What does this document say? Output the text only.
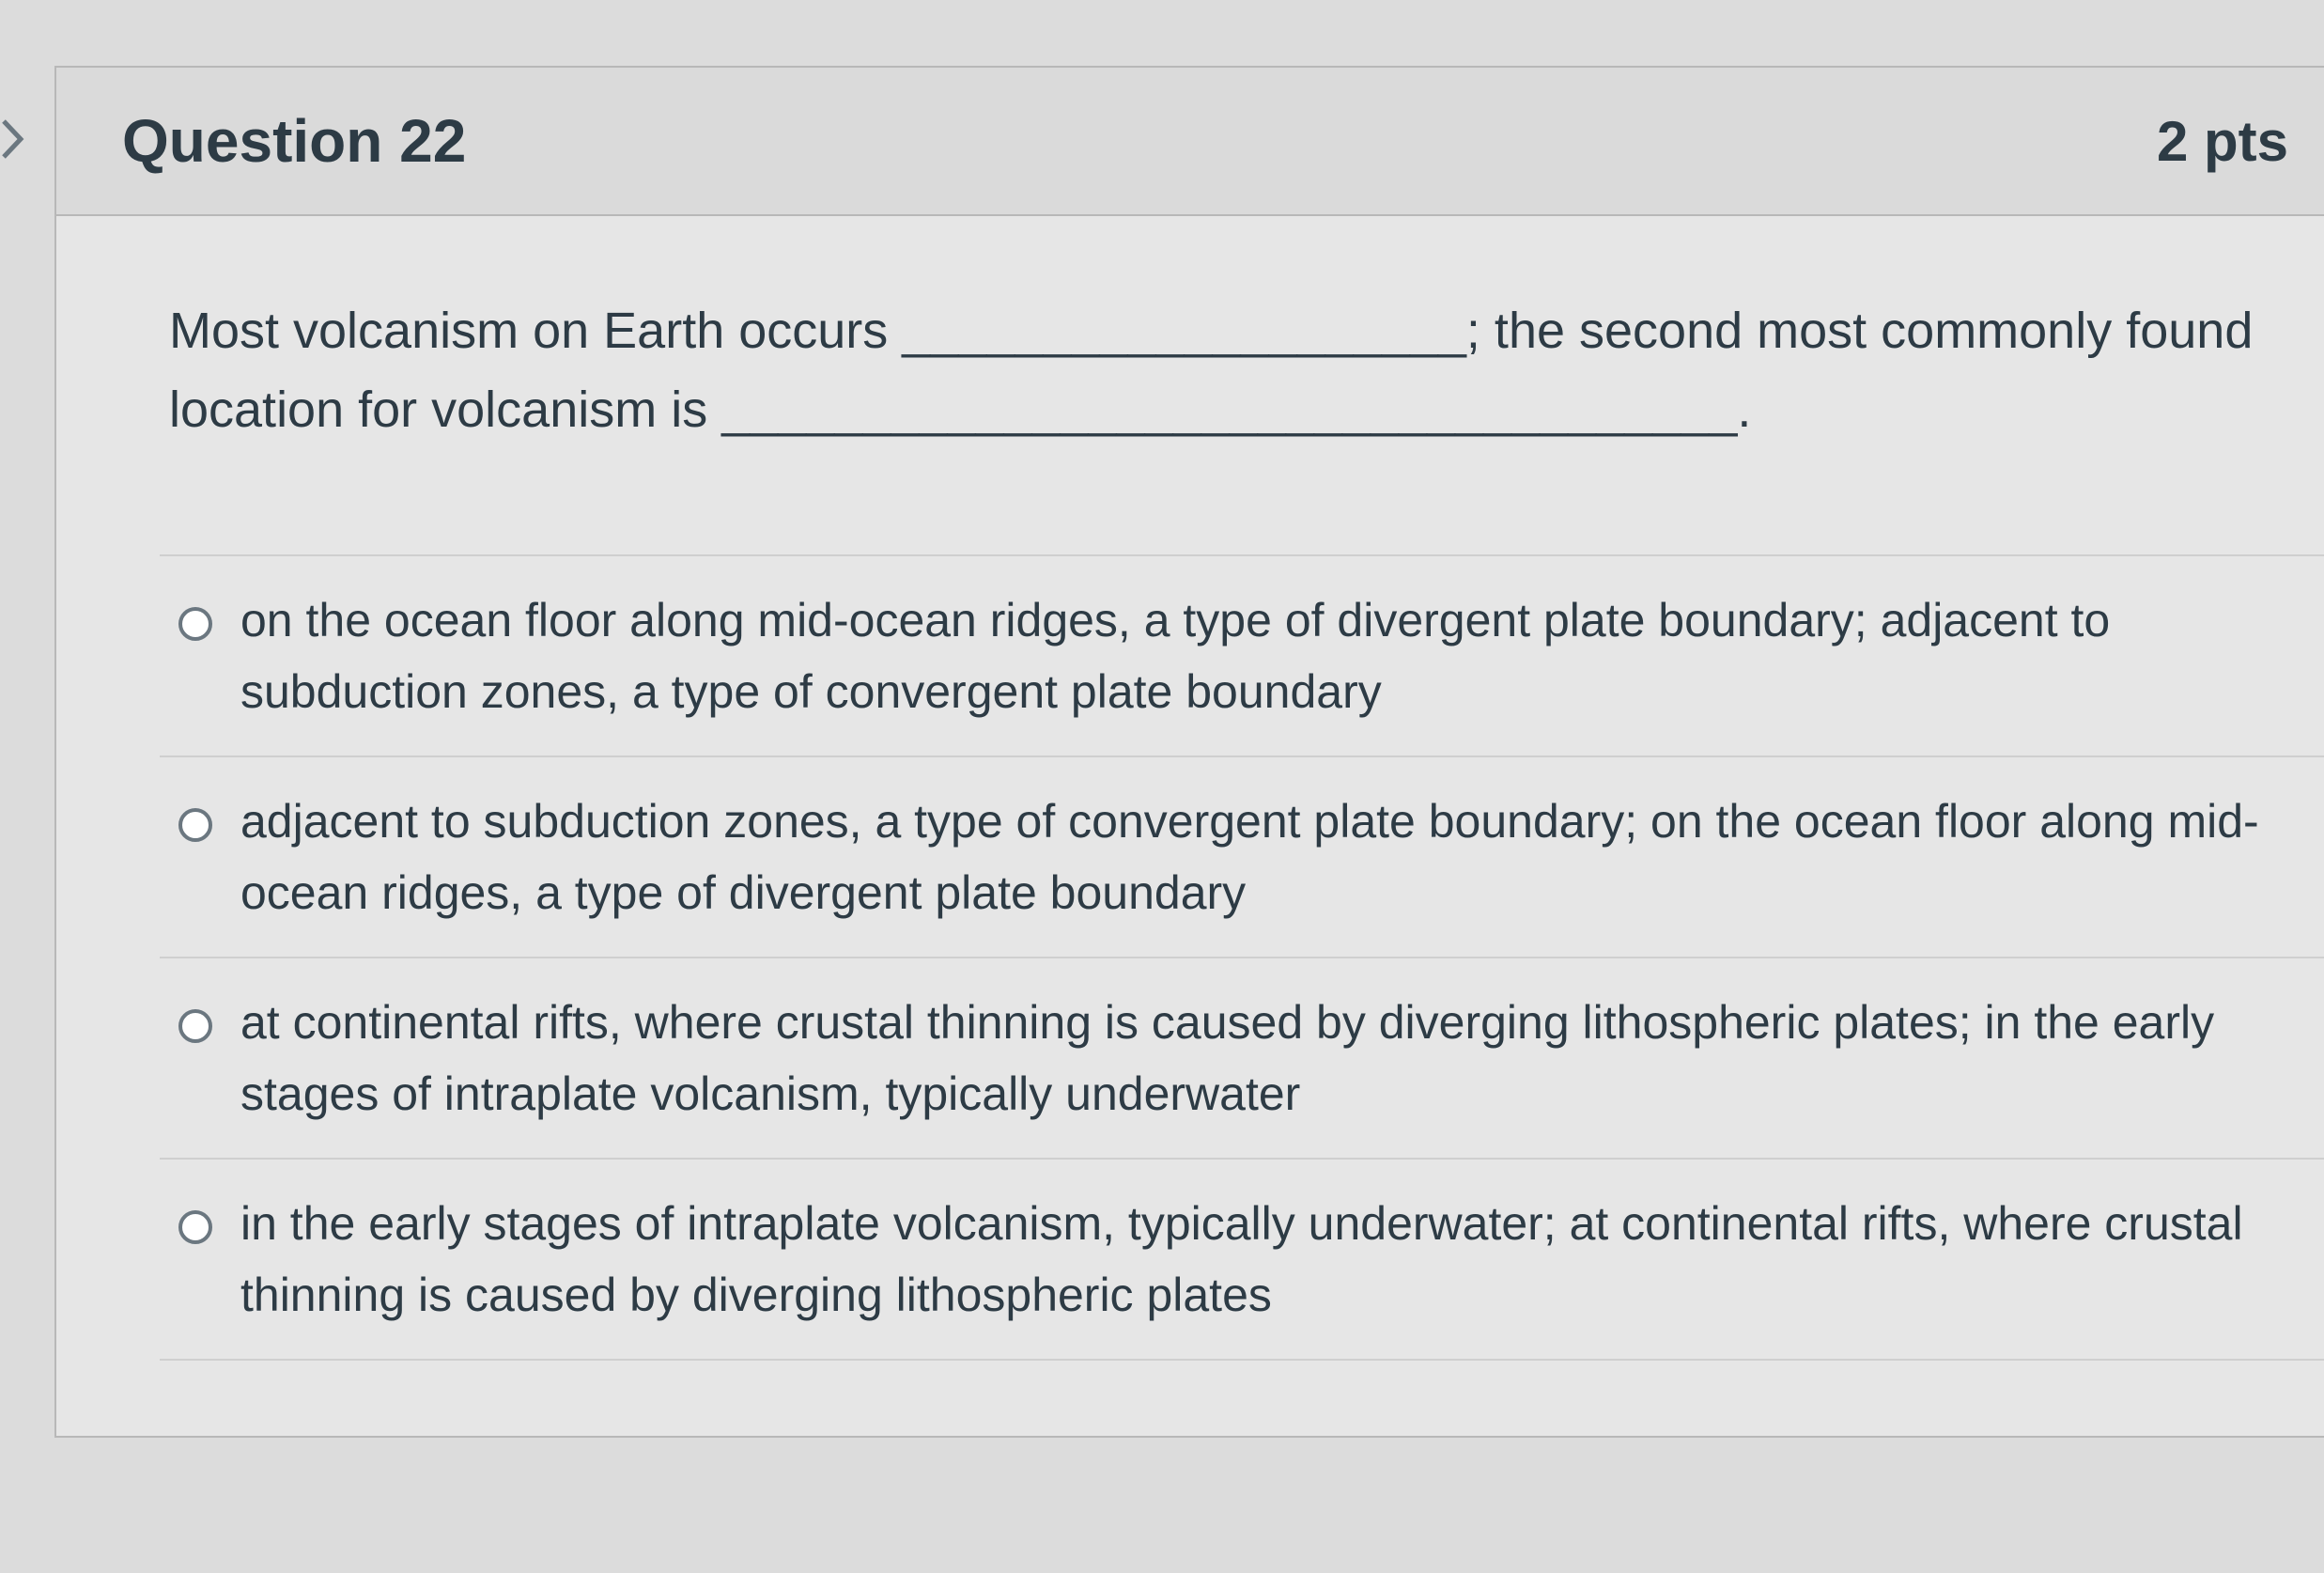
Question 22	2 pts
Most volcanism on Earth occurs ____________________; the second most commonly found location for volcanism is ____________________________________.
on the ocean floor along mid-ocean ridges, a type of divergent plate boundary; adjacent to subduction zones, a type of convergent plate boundary
adjacent to subduction zones, a type of convergent plate boundary; on the ocean floor along mid-ocean ridges, a type of divergent plate boundary
at continental rifts, where crustal thinning is caused by diverging lithospheric plates; in the early stages of intraplate volcanism, typically underwater
in the early stages of intraplate volcanism, typically underwater; at continental rifts, where crustal thinning is caused by diverging lithospheric plates
